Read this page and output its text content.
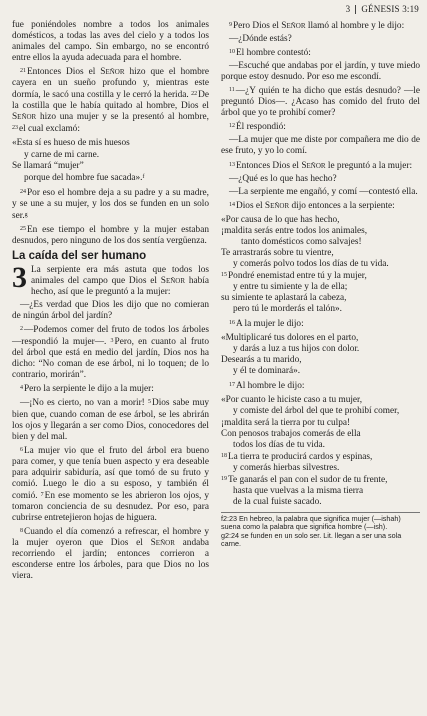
3 GÉNESIS 3:19

fue poniéndoles nombre a todos los animales domésticos, a todas las aves del cielo y a todos los animales del campo. Sin embargo, no se encontró entre ellos la ayuda adecuada para el hombre.

$^{21}$Entonces Dios el Señor hizo que el hombre cayera en un sueño profundo y, mientras este dormía, le sacó una costilla y le cerró la herida. $^{22}$De la costilla que le había quitado al hombre, Dios el Señor hizo una mujer y se la presentó al hombre, $^{23}$el cual exclamó:

«Esta sí es hueso de mis huesos

y carne de mi carne.

Se llamará “mujer”

porque del hombre fue sacada».$^f$

$^{24}$Por eso el hombre deja a su padre y a su madre, y se une a su mujer, y los dos se funden en un solo ser.$^g$

$^{25}$En ese tiempo el hombre y la mujer estaban desnudos, pero ninguno de los dos sentía vergüenza.

La caída del ser humano

3 La serpiente era más astuta que todos los animales del campo que Dios el Señor había hecho, así que le preguntó a la mujer:

—¿Es verdad que Dios les dijo que no comieran de ningún árbol del jardín?

$^2$—Podemos comer del fruto de todos los árboles —respondió la mujer—. $^3$Pero, en cuanto al fruto del árbol que está en medio del jardín, Dios nos ha dicho: “No coman de ese árbol, ni lo toquen; de lo contrario, morirán”.

$^4$Pero la serpiente le dijo a la mujer:

—¡No es cierto, no van a morir! $^5$Dios sabe muy bien que, cuando coman de ese árbol, se les abrirán los ojos y llegarán a ser como Dios, conocedores del bien y del mal.

$^6$La mujer vio que el fruto del árbol era bueno para comer, y que tenía buen aspecto y era deseable para adquirir sabiduría, así que tomó de su fruto y comió. Luego le dio a su esposo, y también él comió. $^7$En ese momento se les abrieron los ojos, y tomaron conciencia de su desnudez. Por eso, para cubrirse entretejieron hojas de higuera.

$^8$Cuando el día comenzó a refrescar, el hombre y la mujer oyeron que Dios el Señor andaba recorriendo el jardín; entonces corrieron a esconderse entre los árboles, para que Dios no los viera.

$^9$Pero Dios el Señor llamó al hombre y le dijo:

—¿Dónde estás?

$^{10}$El hombre contestó:

—Escuché que andabas por el jardín, y tuve miedo porque estoy desnudo. Por eso me escondí.

$^{11}$—¿Y quién te ha dicho que estás desnudo? —le preguntó Dios—. ¿Acaso has comido del fruto del árbol que yo te prohibí comer?

$^{12}$Él respondió:

—La mujer que me diste por compañera me dio de ese fruto, y yo lo comí.

$^{13}$Entonces Dios el Señor le preguntó a la mujer:

—¿Qué es lo que has hecho?

—La serpiente me engañó, y comí —contestó ella.

$^{14}$Dios el Señor dijo entonces a la serpiente:

«Por causa de lo que has hecho,

¡maldita serás entre todos los animales,

tanto domésticos como salvajes!

Te arrastrarás sobre tu vientre,

y comerás polvo todos los días de tu vida.

$^{15}$Pondré enemistad entre tú y la mujer,

y entre tu simiente y la de ella;

su simiente te aplastará la cabeza,

pero tú le morderás el talón».

$^{16}$A la mujer le dijo:

«Multiplicaré tus dolores en el parto,

y darás a luz a tus hijos con dolor.

Desearás a tu marido,

y él te dominará».

$^{17}$Al hombre le dijo:

«Por cuanto le hiciste caso a tu mujer,

y comiste del árbol del que te prohibí comer,

¡maldita será la tierra por tu culpa!

Con penosos trabajos comerás de ella

todos los días de tu vida.

$^{18}$La tierra te producirá cardos y espinas,

y comerás hierbas silvestres.

$^{19}$Te ganarás el pan con el sudor de tu frente,

hasta que vuelvas a la misma tierra

de la cual fuiste sacado.

f2:23 En hebreo, la palabra que significa mujer (—ishah) suena como la palabra que significa hombre (—ish).

g2:24 se funden en un solo ser. Lit. llegan a ser una sola carne.
